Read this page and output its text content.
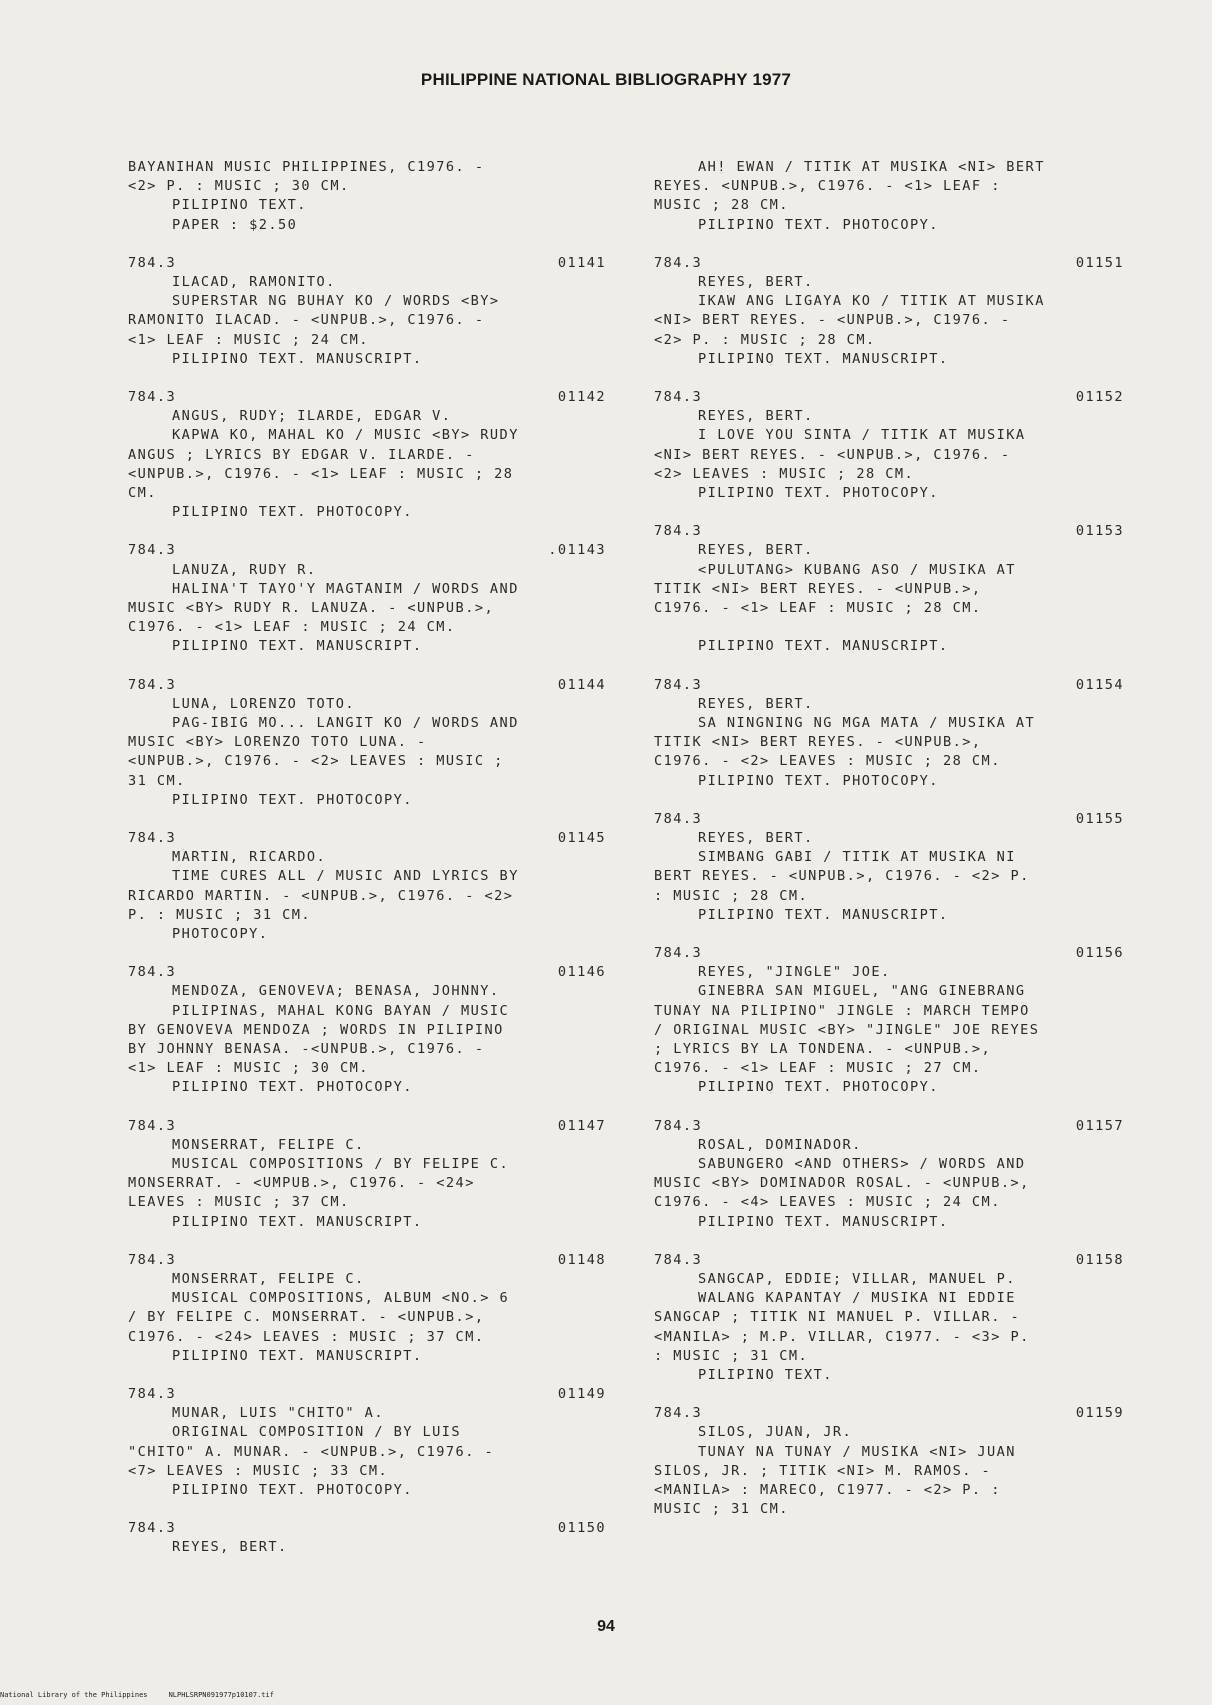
PHILIPPINE NATIONAL BIBLIOGRAPHY 1977
BAYANIHAN MUSIC PHILIPPINES, C1976. -
<2> P. : MUSIC ; 30 CM.
PILIPINO TEXT.
PAPER : $2.50
784.3	01141
ILACAD, RAMONITO.
SUPERSTAR NG BUHAY KO / WORDS <BY>
RAMONITO ILACAD. - <UNPUB.>, C1976. -
<1> LEAF : MUSIC ; 24 CM.
PILIPINO TEXT. MANUSCRIPT.
784.3	01142
ANGUS, RUDY; ILARDE, EDGAR V.
KAPWA KO, MAHAL KO / MUSIC <BY> RUDY
ANGUS ; LYRICS BY EDGAR V. ILARDE. -
<UNPUB.>, C1976. - <1> LEAF : MUSIC ; 28
CM.
PILIPINO TEXT. PHOTOCOPY.
784.3	.01143
LANUZA, RUDY R.
HALINA'T TAYO'Y MAGTANIM / WORDS AND
MUSIC <BY> RUDY R. LANUZA. - <UNPUB.>,
C1976. - <1> LEAF : MUSIC ; 24 CM.
PILIPINO TEXT. MANUSCRIPT.
784.3	01144
LUNA, LORENZO TOTO.
PAG-IBIG MO... LANGIT KO / WORDS AND
MUSIC <BY> LORENZO TOTO LUNA. -
<UNPUB.>, C1976. - <2> LEAVES : MUSIC ;
31 CM.
PILIPINO TEXT. PHOTOCOPY.
784.3	01145
MARTIN, RICARDO.
TIME CURES ALL / MUSIC AND LYRICS BY
RICARDO MARTIN. - <UNPUB.>, C1976. - <2>
P. : MUSIC ; 31 CM.
PHOTOCOPY.
784.3	01146
MENDOZA, GENOVEVA; BENASA, JOHNNY.
PILIPINAS, MAHAL KONG BAYAN / MUSIC
BY GENOVEVA MENDOZA ; WORDS IN PILIPINO
BY JOHNNY BENASA. -<UNPUB.>, C1976. -
<1> LEAF : MUSIC ; 30 CM.
PILIPINO TEXT. PHOTOCOPY.
784.3	01147
MONSERRAT, FELIPE C.
MUSICAL COMPOSITIONS / BY FELIPE C.
MONSERRAT. - <UMPUB.>, C1976. - <24>
LEAVES : MUSIC ; 37 CM.
PILIPINO TEXT. MANUSCRIPT.
784.3	01148
MONSERRAT, FELIPE C.
MUSICAL COMPOSITIONS, ALBUM <NO.> 6
/ BY FELIPE C. MONSERRAT. - <UNPUB.>,
C1976. - <24> LEAVES : MUSIC ; 37 CM.
PILIPINO TEXT. MANUSCRIPT.
784.3	01149
MUNAR, LUIS "CHITO" A.
ORIGINAL COMPOSITION / BY LUIS
"CHITO" A. MUNAR. - <UNPUB.>, C1976. -
<7> LEAVES : MUSIC ; 33 CM.
PILIPINO TEXT. PHOTOCOPY.
784.3	01150
REYES, BERT.
AH! EWAN / TITIK AT MUSIKA <NI> BERT
REYES. <UNPUB.>, C1976. - <1> LEAF :
MUSIC ; 28 CM.
PILIPINO TEXT. PHOTOCOPY.
784.3	01151
REYES, BERT.
IKAW ANG LIGAYA KO / TITIK AT MUSIKA
<NI> BERT REYES. - <UNPUB.>, C1976. -
<2> P. : MUSIC ; 28 CM.
PILIPINO TEXT. MANUSCRIPT.
784.3	01152
REYES, BERT.
I LOVE YOU SINTA / TITIK AT MUSIKA
<NI> BERT REYES. - <UNPUB.>, C1976. -
<2> LEAVES : MUSIC ; 28 CM.
PILIPINO TEXT. PHOTOCOPY.
784.3	01153
REYES, BERT.
<PULUTANG> KUBANG ASO / MUSIKA AT
TITIK <NI> BERT REYES. - <UNPUB.>,
C1976. - <1> LEAF : MUSIC ; 28 CM.

PILIPINO TEXT. MANUSCRIPT.
784.3	01154
REYES, BERT.
SA NINGNING NG MGA MATA / MUSIKA AT
TITIK <NI> BERT REYES. - <UNPUB.>,
C1976. - <2> LEAVES : MUSIC ; 28 CM.
PILIPINO TEXT. PHOTOCOPY.
784.3	01155
REYES, BERT.
SIMBANG GABI / TITIK AT MUSIKA NI
BERT REYES. - <UNPUB.>, C1976. - <2> P.
: MUSIC ; 28 CM.
PILIPINO TEXT. MANUSCRIPT.
784.3	01156
REYES, "JINGLE" JOE.
GINEBRA SAN MIGUEL, "ANG GINEBRANG
TUNAY NA PILIPINO" JINGLE : MARCH TEMPO
/ ORIGINAL MUSIC <BY> "JINGLE" JOE REYES
; LYRICS BY LA TONDENA. - <UNPUB.>,
C1976. - <1> LEAF : MUSIC ; 27 CM.
PILIPINO TEXT. PHOTOCOPY.
784.3	01157
ROSAL, DOMINADOR.
SABUNGERO <AND OTHERS> / WORDS AND
MUSIC <BY> DOMINADOR ROSAL. - <UNPUB.>,
C1976. - <4> LEAVES : MUSIC ; 24 CM.
PILIPINO TEXT. MANUSCRIPT.
784.3	01158
SANGCAP, EDDIE; VILLAR, MANUEL P.
WALANG KAPANTAY / MUSIKA NI EDDIE
SANGCAP ; TITIK NI MANUEL P. VILLAR. -
<MANILA> ; M.P. VILLAR, C1977. - <3> P.
: MUSIC ; 31 CM.
PILIPINO TEXT.
784.3	01159
SILOS, JUAN, JR.
TUNAY NA TUNAY / MUSIKA <NI> JUAN
SILOS, JR. ; TITIK <NI> M. RAMOS. -
<MANILA> : MARECO, C1977. - <2> P. :
MUSIC ; 31 CM.
94
National Library of the Philippines     NLPHLSRPN091977p10107.tif
